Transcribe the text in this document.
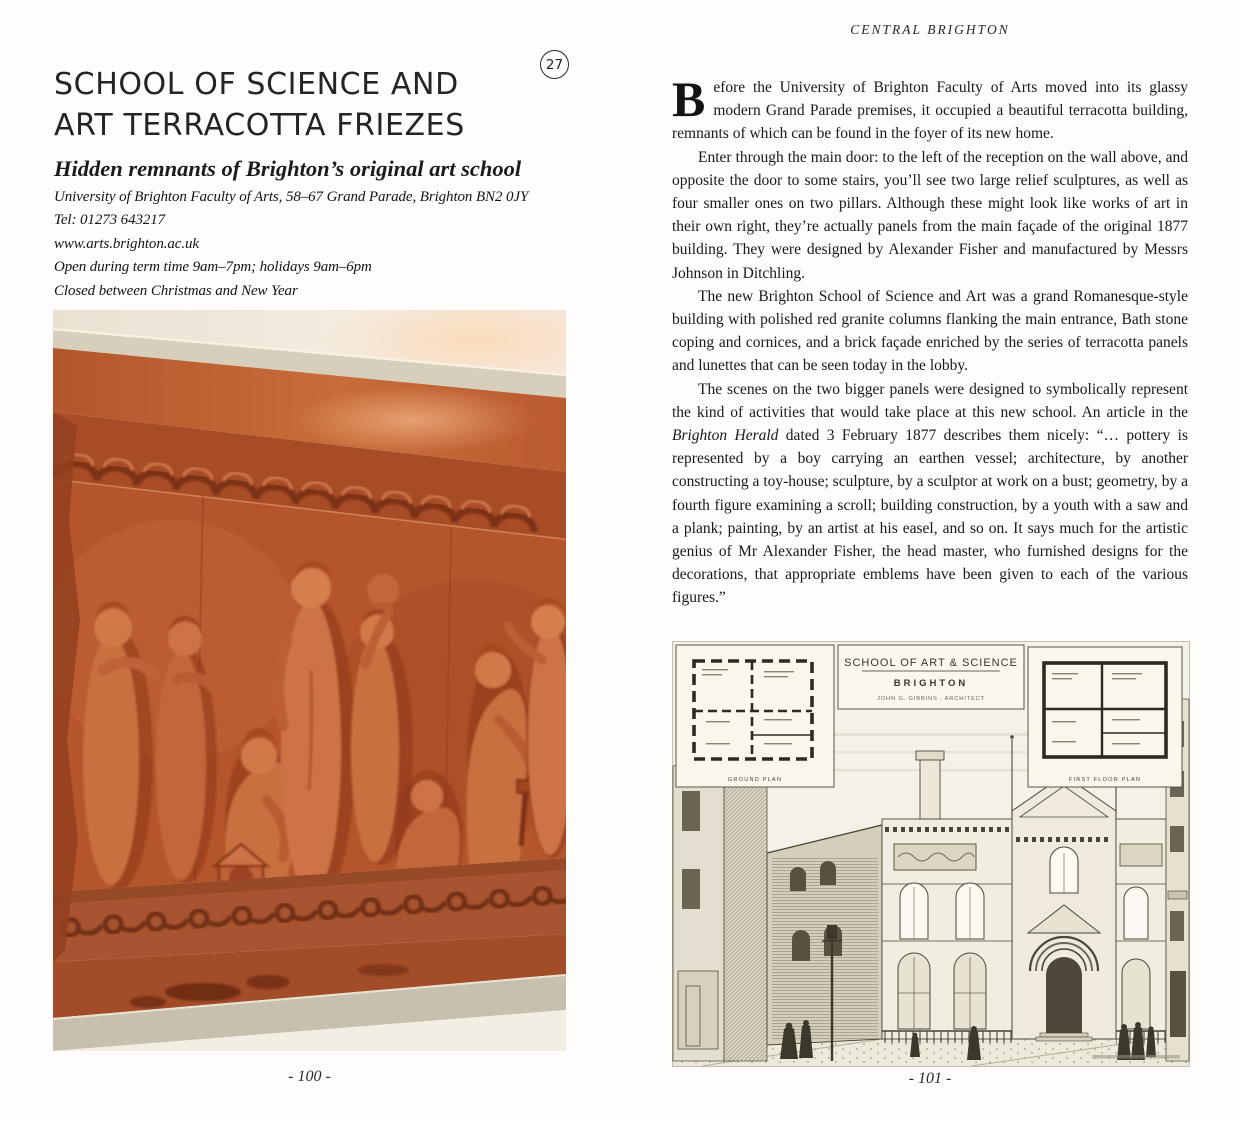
SCHOOL OF SCIENCE AND
ART TERRACOTTA FRIEZES
27
Hidden remnants of Brighton’s original art school
University of Brighton Faculty of Arts, 58–67 Grand Parade, Brighton BN2 0JY
Tel: 01273 643217
www.arts.brighton.ac.uk
Open during term time 9am–7pm; holidays 9am–6pm
Closed between Christmas and New Year
- 100 -
CENTRAL BRIGHTON

Before the University of Brighton Faculty of Arts moved into its glassy modern Grand Parade premises, it occupied a beautiful terracotta building, remnants of which can be found in the foyer of its new home.

Enter through the main door: to the left of the reception on the wall above, and opposite the door to some stairs, you’ll see two large relief sculptures, as well as four smaller ones on two pillars. Although these might look like works of art in their own right, they’re actually panels from the main façade of the original 1877 building. They were designed by Alexander Fisher and manufactured by Messrs Johnson in Ditchling.

The new Brighton School of Science and Art was a grand Romanesque-style building with polished red granite columns flanking the main entrance, Bath stone coping and cornices, and a brick façade enriched by the series of terracotta panels and lunettes that can be seen today in the lobby.

The scenes on the two bigger panels were designed to symbolically represent the kind of activities that would take place at this new school. An article in the Brighton Herald dated 3 February 1877 describes them nicely: “… pottery is represented by a boy carrying an earthen vessel; architecture, by another constructing a toy-house; sculpture, by a sculptor at work on a bust; geometry, by a fourth figure examining a scroll; building construction, by a youth with a saw and a plank; painting, by an artist at his easel, and so on. It says much for the artistic genius of Mr Alexander Fisher, the head master, who furnished designs for the decorations, that appropriate emblems have been given to each of the various figures.”

GROUND PLAN	FIRST FLOOR PLAN
SCHOOL OF ART & SCIENCE
BRIGHTON
JOHN G. GIBBINS , ARCHITECT
- 101 -
